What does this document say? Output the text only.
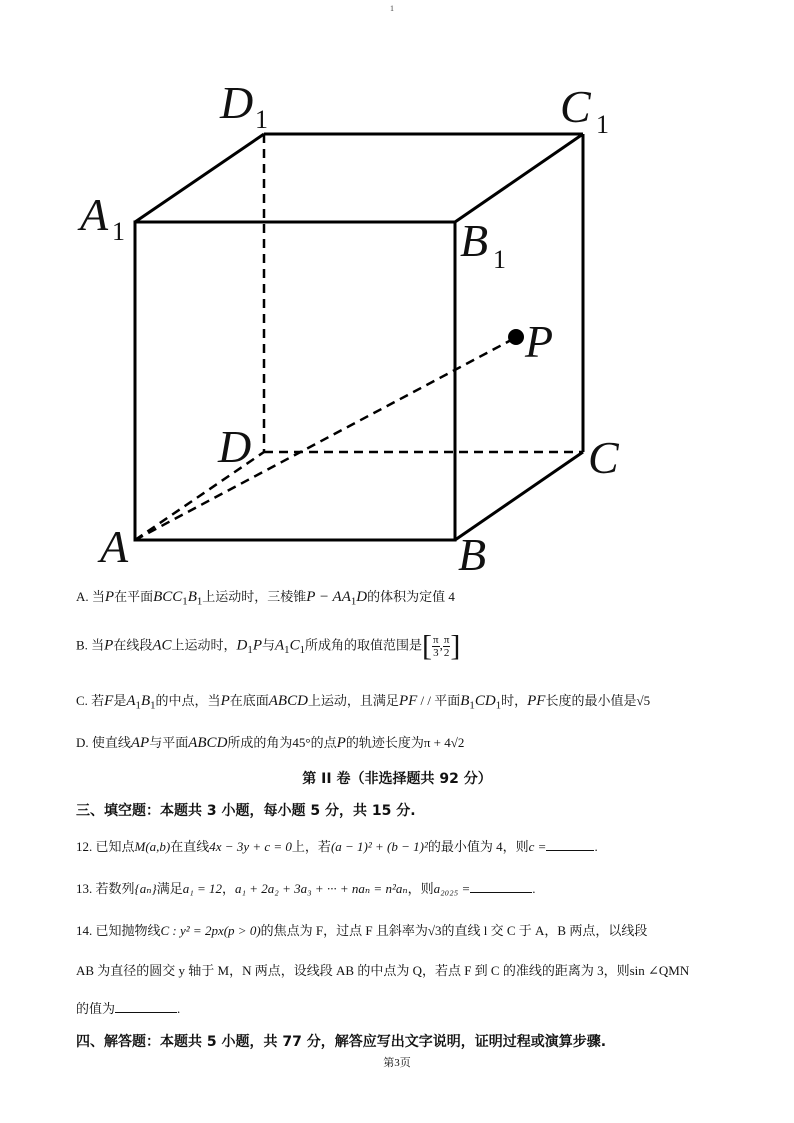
1
D 1	C 1
A 1	B 1
P
D	C
A	B
A. 当P在平面$BCC_1B_1$上运动时，三棱锥$P - AA_1D$的体积为定值 4
B. 当P在线段AC上运动时，$D_1P$与$A_1C_1$所成角的取值范围是[ $\frac{\pi}{3}$ , $\frac{\pi}{2}$ ]
C. 若F是$A_1B_1$的中点，当P在底面ABCD上运动，且满足PF / / 平面$B_1CD_1$时，PF长度的最小值是√5
D. 使直线AP与平面ABCD所成的角为45°的点P的轨迹长度为π + 4√2
第 II 卷（非选择题共 92 分）
三、填空题：本题共 3 小题，每小题 5 分，共 15 分.
12. 已知点M(a,b)在直线4x − 3y + c = 0上，若(a − 1)² + (b − 1)²的最小值为 4，则c =	.
13. 若数列{aₙ}满足a₁ = 12，a₁ + 2a₂ + 3a₃ + ··· + naₙ = n²aₙ，则a₂₀₂₅ =	.
14. 已知抛物线C : y² = 2px(p > 0)的焦点为 F，过点 F 且斜率为√3的直线 l 交 C 于 A，B 两点，以线段
AB 为直径的圆交 y 轴于 M，N 两点，设线段 AB 的中点为 Q，若点 F 到 C 的准线的距离为 3，则sin ∠QMN
的值为	.
四、解答题：本题共 5 小题，共 77 分，解答应写出文字说明，证明过程或演算步骤.
第3页
